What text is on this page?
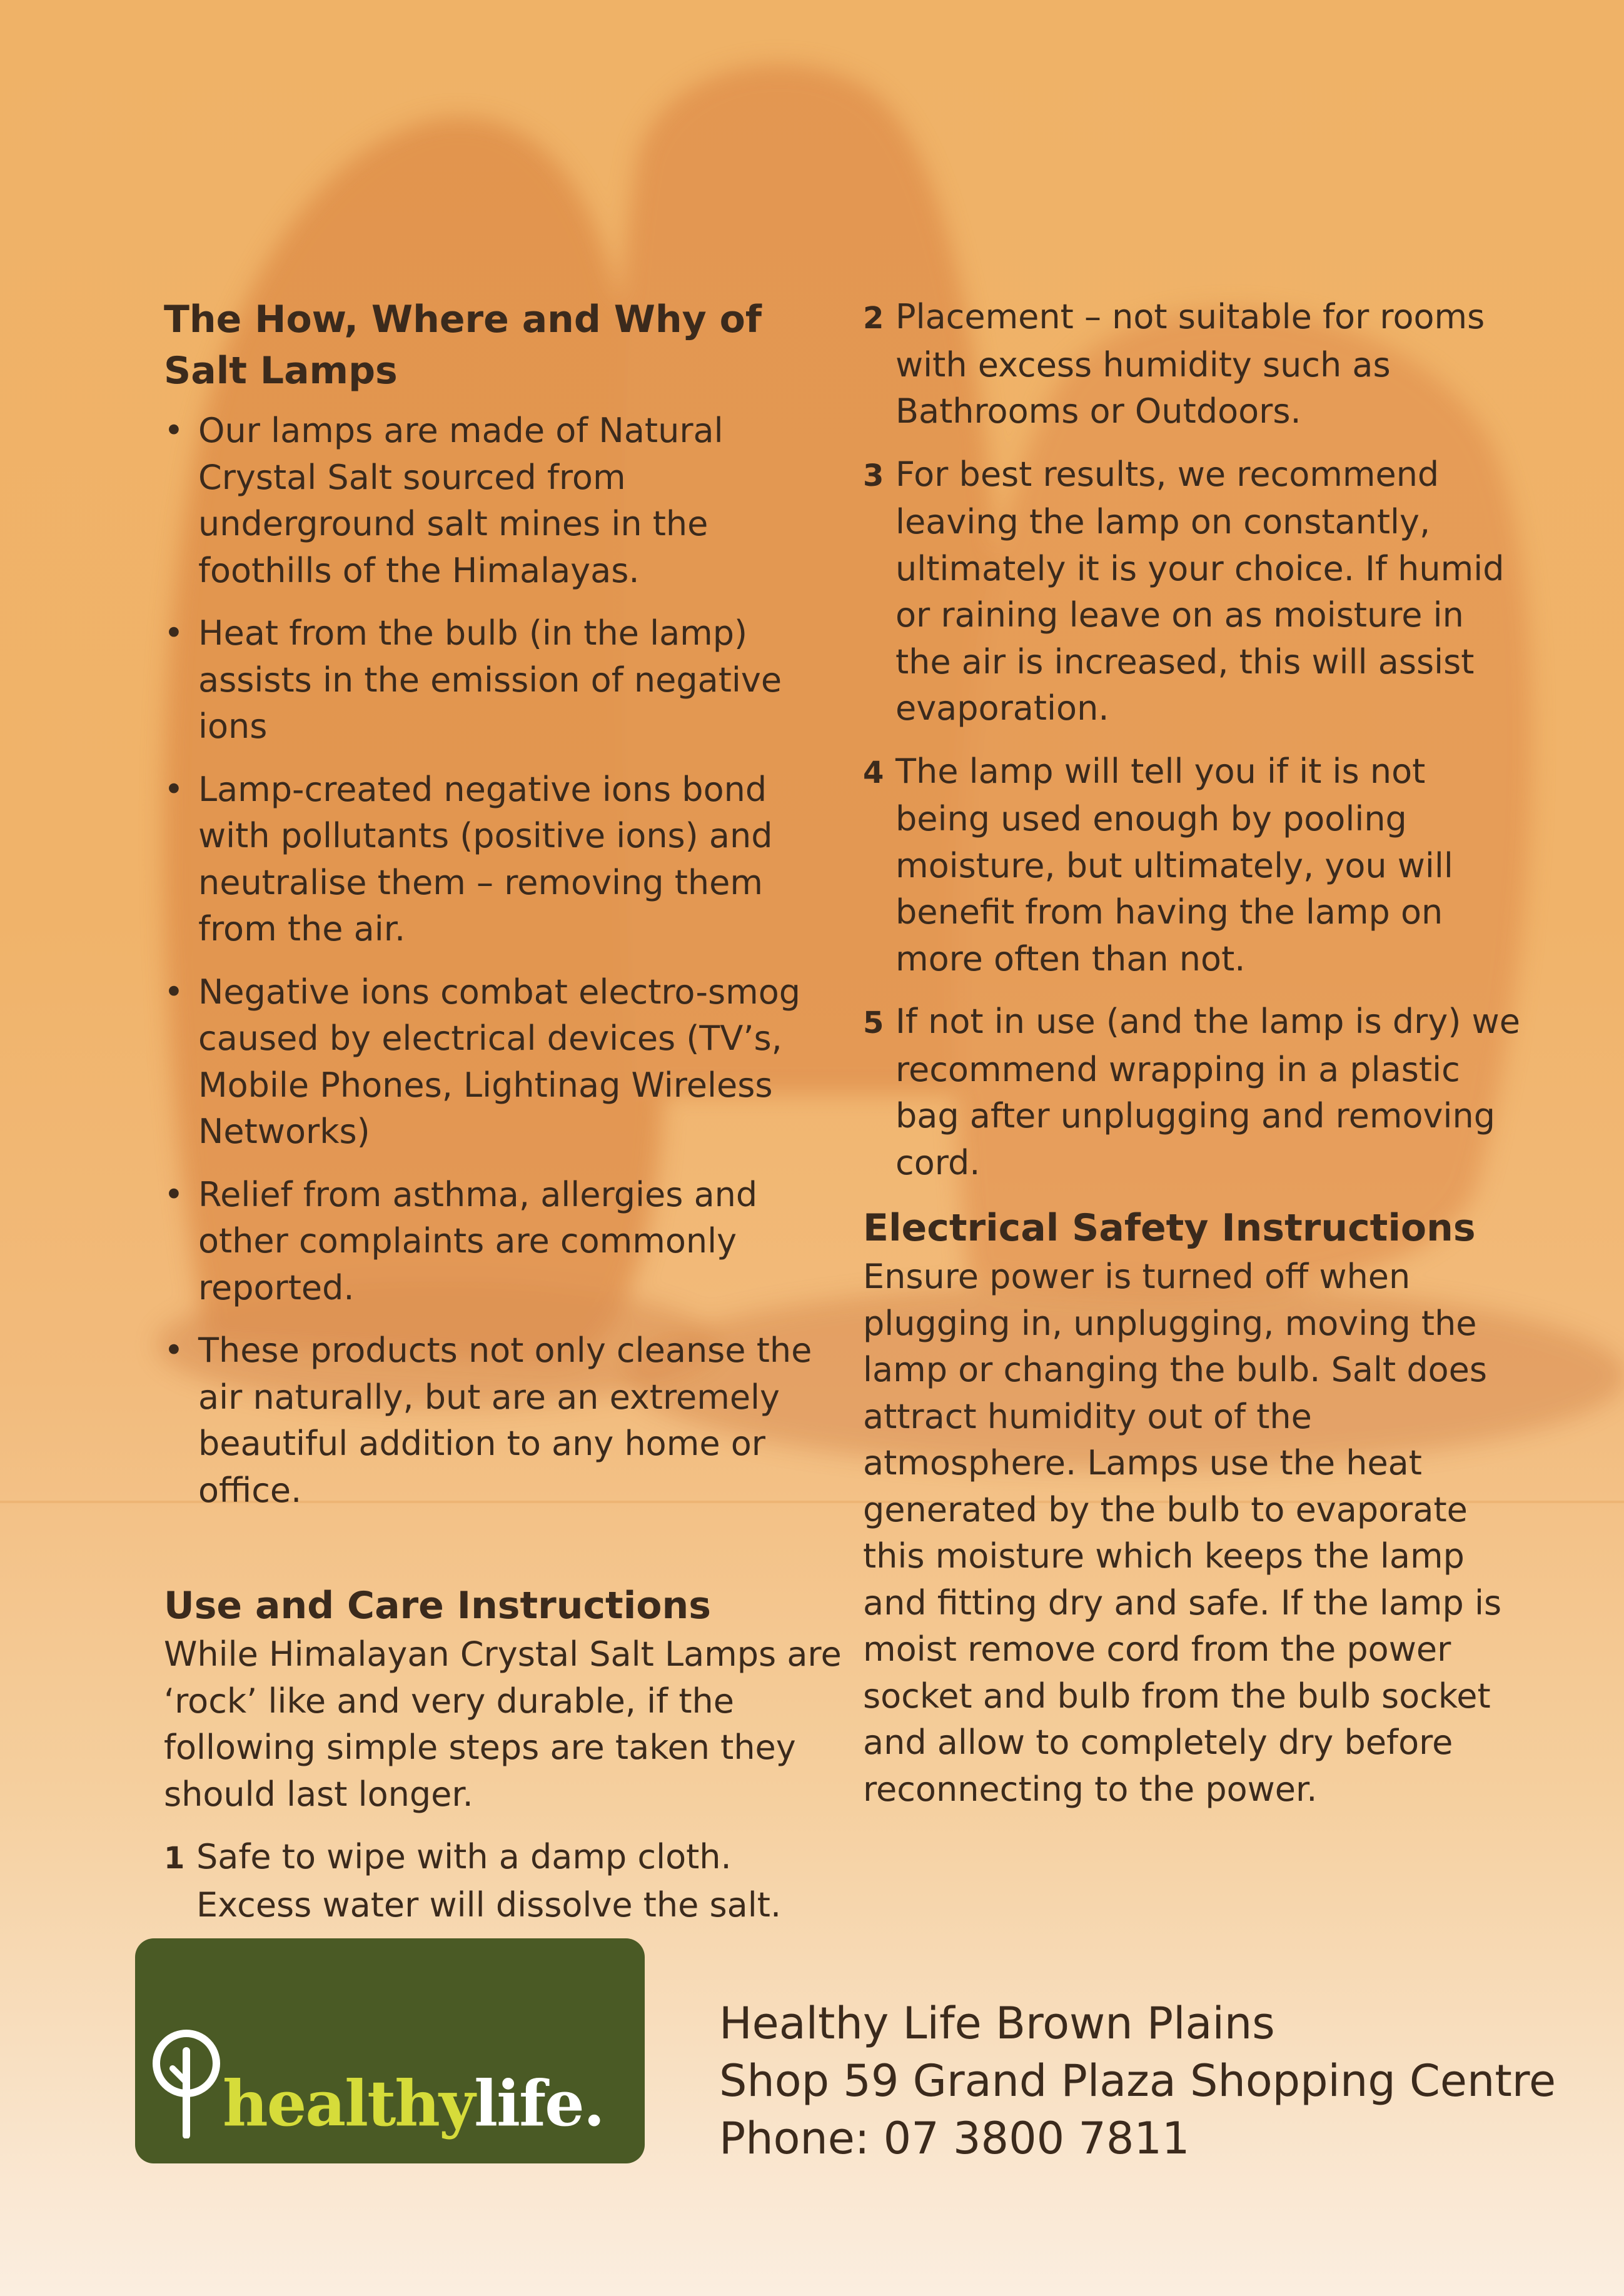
The How, Where and Why of
Salt Lamps
• Our lamps are made of Natural Crystal Salt sourced from underground salt mines in the foothills of the Himalayas.
• Heat from the bulb (in the lamp) assists in the emission of negative ions
• Lamp-created negative ions bond with pollutants (positive ions) and neutralise them – removing them from the air.
• Negative ions combat electro-smog caused by electrical devices (TV’s, Mobile Phones, Lightinag Wireless Networks)
• Relief from asthma, allergies and other complaints are commonly reported.
• These products not only cleanse the air naturally, but are an extremely beautiful addition to any home or office.
Use and Care Instructions

While Himalayan Crystal Salt Lamps are ‘rock’ like and very durable, if the following simple steps are taken they should last longer.

1 Safe to wipe with a damp cloth. Excess water will dissolve the salt.
2 Placement – not suitable for rooms with excess humidity such as Bathrooms or Outdoors.
3 For best results, we recommend leaving the lamp on constantly, ultimately it is your choice. If humid or raining leave on as moisture in the air is increased, this will assist evaporation.
4 The lamp will tell you if it is not being used enough by pooling moisture, but ultimately, you will benefit from having the lamp on more often than not.
5 If not in use (and the lamp is dry) we recommend wrapping in a plastic bag after unplugging and removing cord.
Electrical Safety Instructions

Ensure power is turned off when plugging in, unplugging, moving the lamp or changing the bulb. Salt does attract humidity out of the atmosphere. Lamps use the heat generated by the bulb to evaporate this moisture which keeps the lamp and fitting dry and safe. If the lamp is moist remove cord from the power socket and bulb from the bulb socket and allow to completely dry before reconnecting to the power.

healthylife.
Healthy Life Brown Plains
Shop 59 Grand Plaza Shopping Centre
Phone: 07 3800 7811
